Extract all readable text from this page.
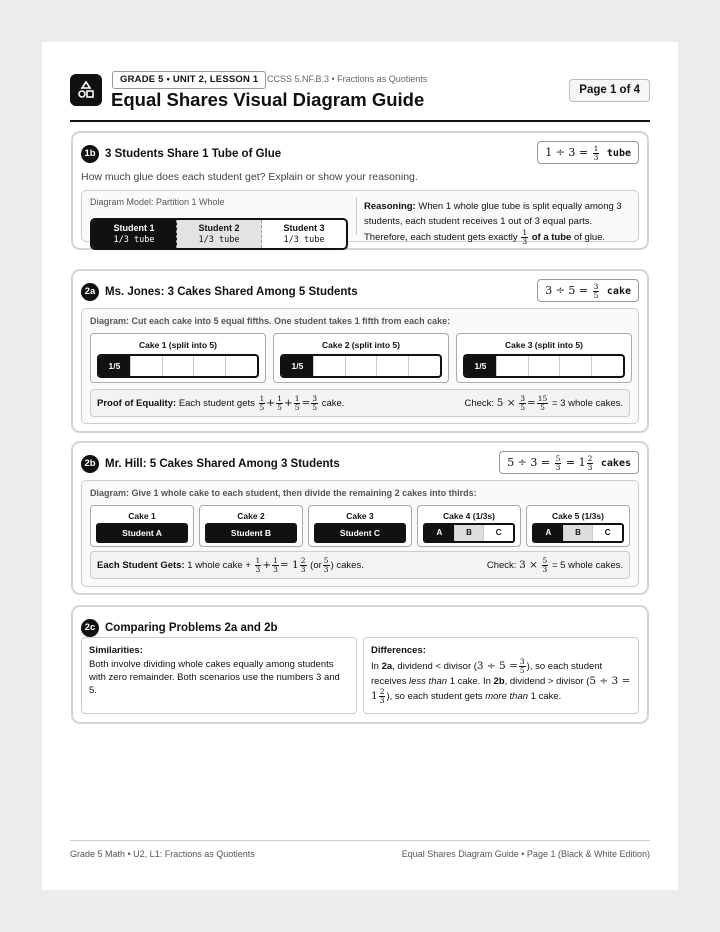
GRADE 5 • UNIT 2, LESSON 1 CCSS 5.NF.B.3 • Fractions as Quotients
Equal Shares Visual Diagram Guide	Page 1 of 4
1b 3 Students Share 1 Tube of Glue	$1 \div 3 = \frac{1}{3}$ tube
How much glue does each student get? Explain or show your reasoning.
Diagram Model: Partition 1 Whole
Student 1
1/3 tube
Student 2
1/3 tube
Student 3
1/3 tube
Reasoning: When 1 whole glue tube is split equally among 3 students, each student receives 1 out of 3 equal parts.
Therefore, each student gets exactly $\frac{1}{3}$ of a tube of glue.
2a Ms. Jones: 3 Cakes Shared Among 5 Students	$3 \div 5 = \frac{3}{5}$ cake
Diagram: Cut each cake into 5 equal fifths. One student takes 1 fifth from each cake:
Cake 1 (split into 5)
1/5
Cake 2 (split into 5)
1/5
Cake 3 (split into 5)
1/5
Proof of Equality: Each student gets $\frac{1}{5} + \frac{1}{5} + \frac{1}{5} = \frac{3}{5}$ cake.	Check: $5 \times \frac{3}{5} = \frac{15}{5} = 3$ whole cakes.
2b Mr. Hill: 5 Cakes Shared Among 3 Students	$5 \div 3 = \frac{5}{3} = 1 \frac{2}{3}$ cakes
Diagram: Give 1 whole cake to each student, then divide the remaining 2 cakes into thirds:
Cake 1
Student A
Cake 2
Student B
Cake 3
Student C
Cake 4 (1/3s)
A	B	C
Cake 5 (1/3s)
A	B	C
Each Student Gets: 1 whole cake + $\frac{1}{3} + \frac{1}{3} = 1 \frac{2}{3} (or \frac{5}{3}$ ) cakes.	Check: $3 \times \frac{5}{3} = 5$ whole cakes.
2c Comparing Problems 2a and 2b
Similarities:
Both involve dividing whole cakes equally among students with zero remainder. Both scenarios use the numbers 3 and 5.
Differences:
In 2a, dividend < divisor ($3 \div 5 = \frac{3}{5}$ ), so each student receives less than 1 cake. In 2b, dividend > divisor ($5 \div 3 = 1 \frac{2}{3}$ ), so each student gets more than 1 cake.
Grade 5 Math • U2, L1: Fractions as Quotients	Equal Shares Diagram Guide • Page 1 (Black & White Edition)
